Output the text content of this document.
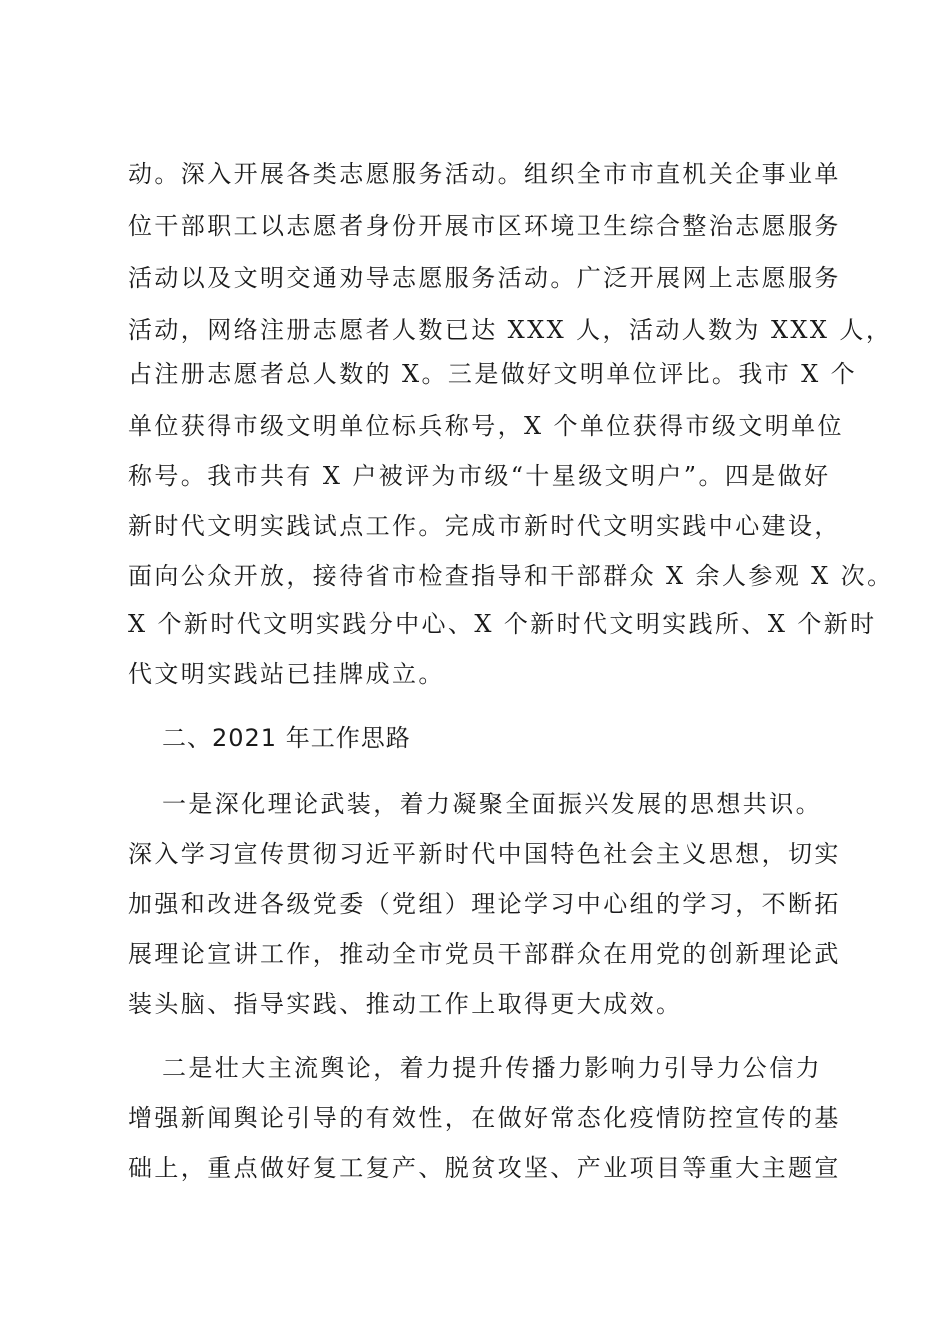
动。深入开展各类志愿服务活动。组织全市市直机关企事业单
位干部职工以志愿者身份开展市区环境卫生综合整治志愿服务
活动以及文明交通劝导志愿服务活动。广泛开展网上志愿服务
活动，网络注册志愿者人数已达 XXX 人，活动人数为 XXX 人，
占注册志愿者总人数的 X。三是做好文明单位评比。我市 X 个
单位获得市级文明单位标兵称号，X 个单位获得市级文明单位
称号。我市共有 X 户被评为市级“十星级文明户”。四是做好
新时代文明实践试点工作。完成市新时代文明实践中心建设，
面向公众开放，接待省市检查指导和干部群众 X 余人参观 X 次。
X 个新时代文明实践分中心、X 个新时代文明实践所、X 个新时
代文明实践站已挂牌成立。
二、2021 年工作思路
一是深化理论武装，着力凝聚全面振兴发展的思想共识。
深入学习宣传贯彻习近平新时代中国特色社会主义思想，切实
加强和改进各级党委（党组）理论学习中心组的学习，不断拓
展理论宣讲工作，推动全市党员干部群众在用党的创新理论武
装头脑、指导实践、推动工作上取得更大成效。
二是壮大主流舆论，着力提升传播力影响力引导力公信力
增强新闻舆论引导的有效性，在做好常态化疫情防控宣传的基
础上，重点做好复工复产、脱贫攻坚、产业项目等重大主题宣
